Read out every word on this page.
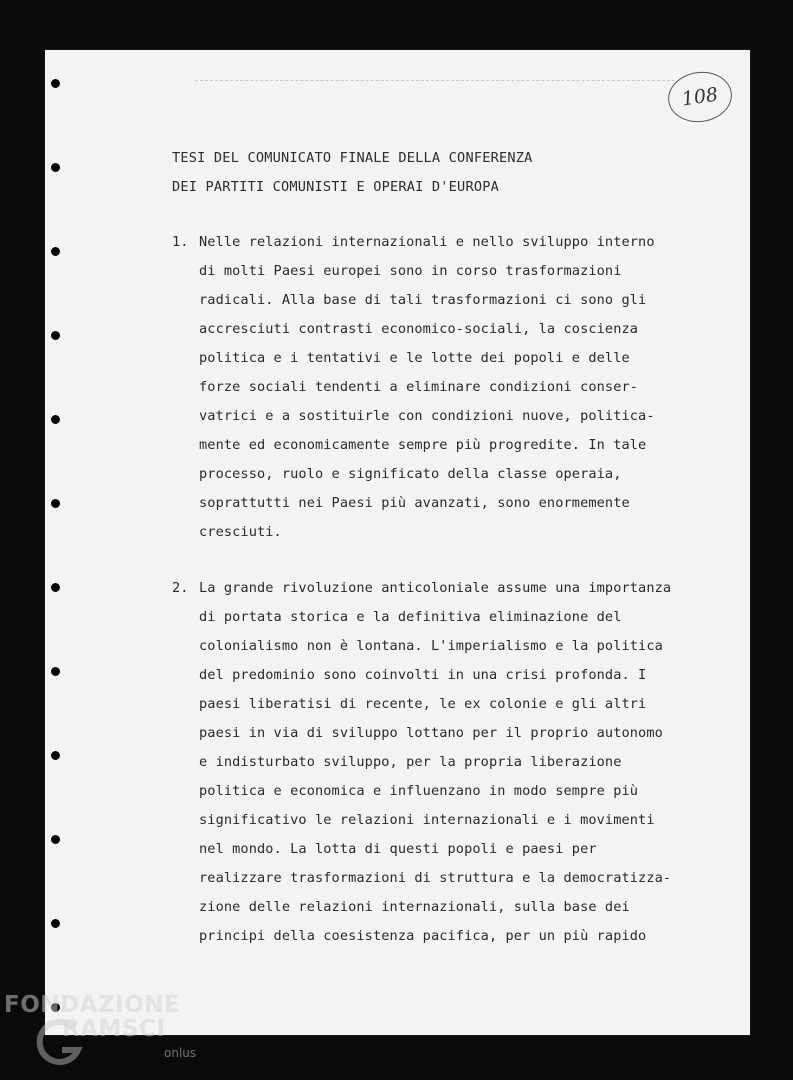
108
TESI DEL COMUNICATO FINALE DELLA CONFERENZA
DEI PARTITI COMUNISTI E OPERAI D'EUROPA
1. Nelle relazioni internazionali e nello sviluppo interno
di molti Paesi europei sono in corso trasformazioni
radicali. Alla base di tali trasformazioni ci sono gli
accresciuti contrasti economico-sociali, la coscienza
politica e i tentativi e le lotte dei popoli e delle
forze sociali tendenti a eliminare condizioni conser-
vatrici e a sostituirle con condizioni nuove, politica-
mente ed economicamente sempre più progredite. In tale
processo, ruolo e significato della classe operaia,
soprattutti nei Paesi più avanzati, sono enormemente
cresciuti.
2. La grande rivoluzione anticoloniale assume una importanza
di portata storica e la definitiva eliminazione del
colonialismo non è lontana. L'imperialismo e la politica
del predominio sono coinvolti in una crisi profonda. I
paesi liberatisi di recente, le ex colonie e gli altri
paesi in via di sviluppo lottano per il proprio autonomo
e indisturbato sviluppo, per la propria liberazione
politica e economica e influenzano in modo sempre più
significativo le relazioni internazionali e i movimenti
nel mondo. La lotta di questi popoli e paesi per
realizzare trasformazioni di struttura e la democratizza-
zione delle relazioni internazionali, sulla base dei
principi della coesistenza pacifica, per un più rapido
FONDAZIONE
RAMSCI
onlus
